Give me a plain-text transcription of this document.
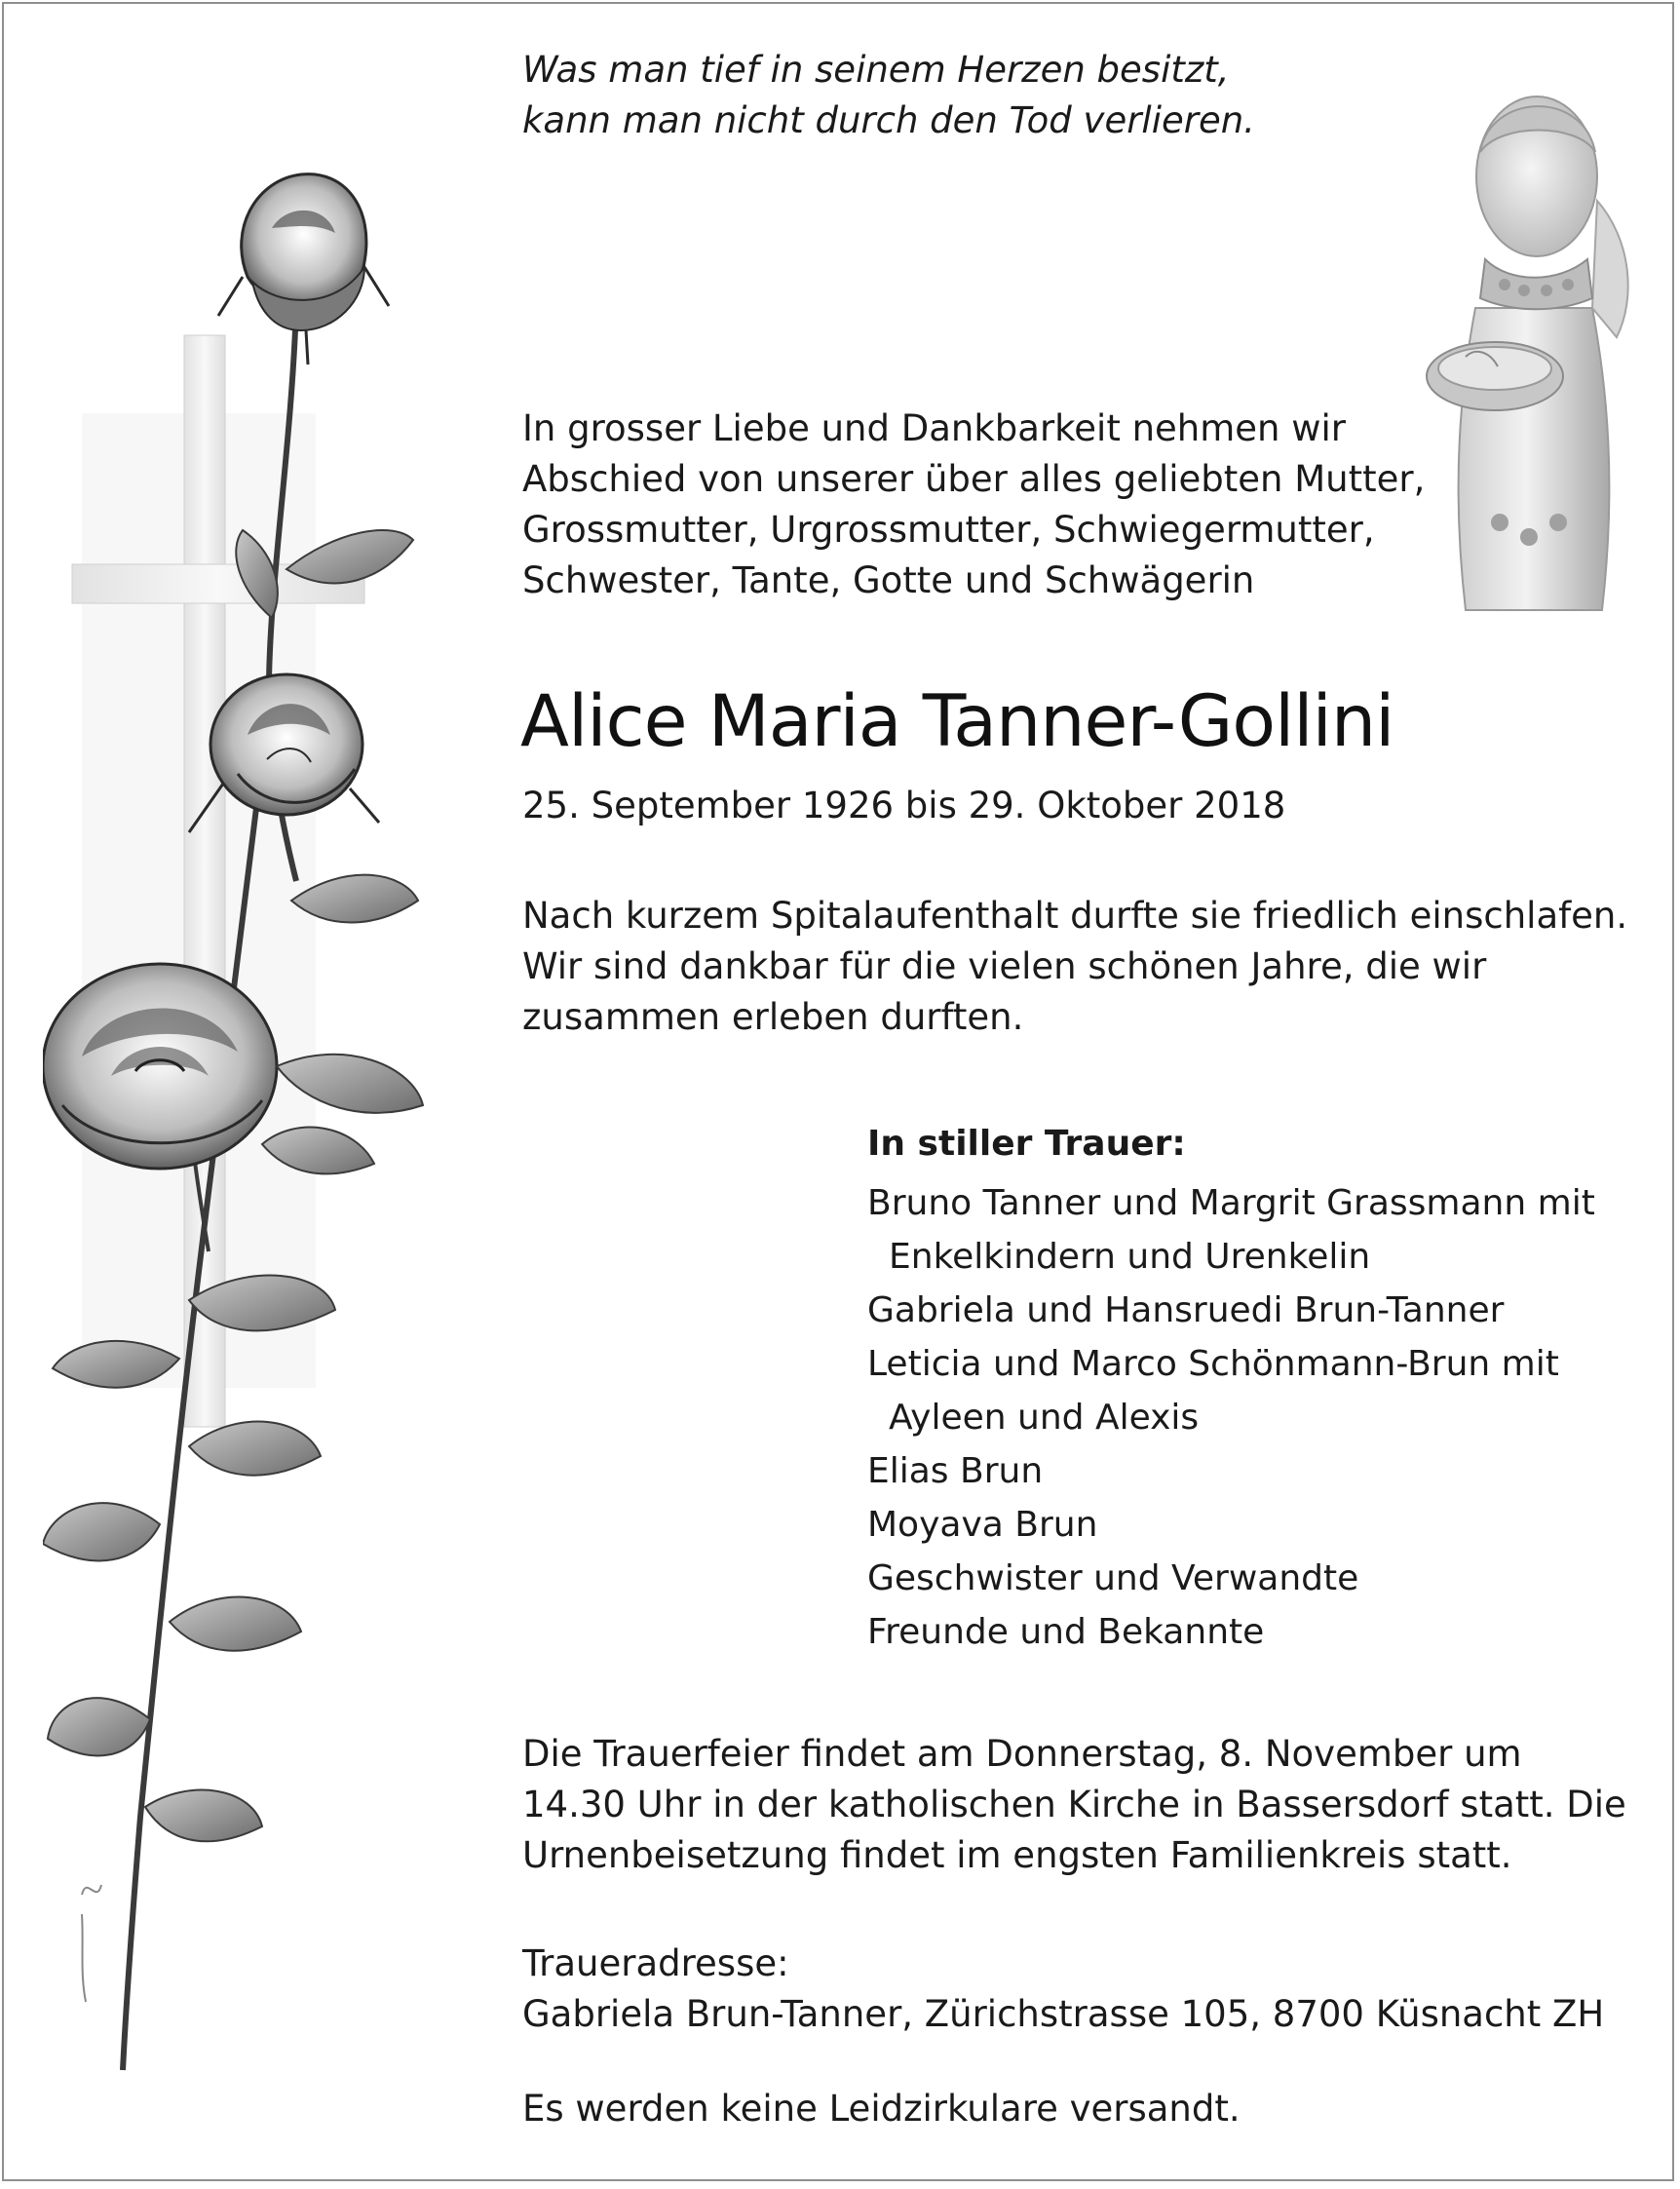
Was man tief in seinem Herzen besitzt,
kann man nicht durch den Tod verlieren.

In grosser Liebe und Dankbarkeit nehmen wir
Abschied von unserer über alles geliebten Mutter,
Grossmutter, Urgrossmutter, Schwiegermutter,
Schwester, Tante, Gotte und Schwägerin

Alice Maria Tanner-Gollini

25. September 1926 bis 29. Oktober 2018

Nach kurzem Spitalaufenthalt durfte sie friedlich einschlafen.
Wir sind dankbar für die vielen schönen Jahre, die wir
zusammen erleben durften.

In stiller Trauer:
Bruno Tanner und Margrit Grassmann mit
Enkelkindern und Urenkelin
Gabriela und Hansruedi Brun-Tanner
Leticia und Marco Schönmann-Brun mit
Ayleen und Alexis
Elias Brun
Moyava Brun
Geschwister und Verwandte
Freunde und Bekannte

Die Trauerfeier findet am Donnerstag, 8. November um
14.30 Uhr in der katholischen Kirche in Bassersdorf statt. Die
Urnenbeisetzung findet im engsten Familienkreis statt.

Traueradresse:
Gabriela Brun-Tanner, Zürichstrasse 105, 8700 Küsnacht ZH

Es werden keine Leidzirkulare versandt.
